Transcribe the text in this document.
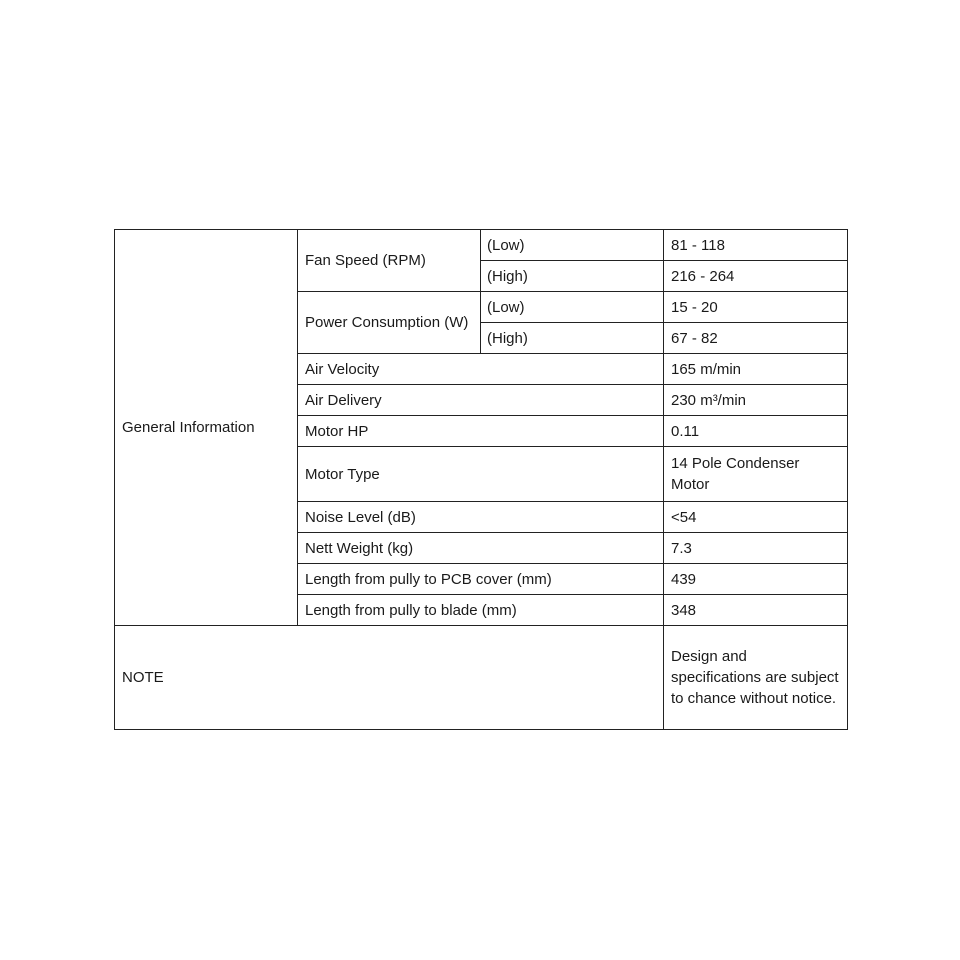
General Information	Fan Speed (RPM)	(Low)	81 - 118
		(High)	216 - 264
	Power Consumption (W)	(Low)	15 - 20
		(High)	67 - 82
	Air Velocity		165 m/min
	Air Delivery		230 m³/min
	Motor HP		0.11
	Motor Type		14 Pole Condenser Motor
	Noise Level (dB)		<54
	Nett Weight (kg)		7.3
	Length from pully to PCB cover (mm)		439
	Length from pully to blade (mm)		348
NOTE			Design and specifications are subject to chance without notice.
